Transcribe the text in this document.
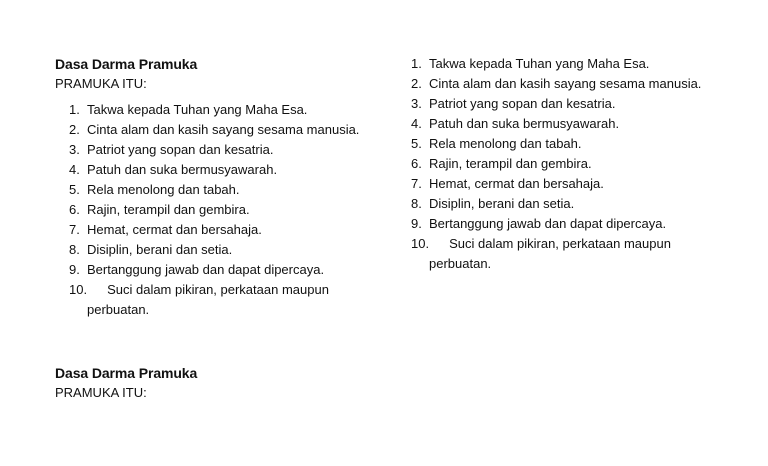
Dasa Darma Pramuka
PRAMUKA ITU:
1. Takwa kepada Tuhan yang Maha Esa.
2. Cinta alam dan kasih sayang sesama manusia.
3. Patriot yang sopan dan kesatria.
4. Patuh dan suka bermusyawarah.
5. Rela menolong dan tabah.
6. Rajin, terampil dan gembira.
7. Hemat, cermat dan bersahaja.
8. Disiplin, berani dan setia.
9. Bertanggung jawab dan dapat dipercaya.
10. Suci dalam pikiran, perkataan maupun perbuatan.
1. Takwa kepada Tuhan yang Maha Esa.
2. Cinta alam dan kasih sayang sesama manusia.
3. Patriot yang sopan dan kesatria.
4. Patuh dan suka bermusyawarah.
5. Rela menolong dan tabah.
6. Rajin, terampil dan gembira.
7. Hemat, cermat dan bersahaja.
8. Disiplin, berani dan setia.
9. Bertanggung jawab dan dapat dipercaya.
10. Suci dalam pikiran, perkataan maupun perbuatan.
Dasa Darma Pramuka
PRAMUKA ITU:
